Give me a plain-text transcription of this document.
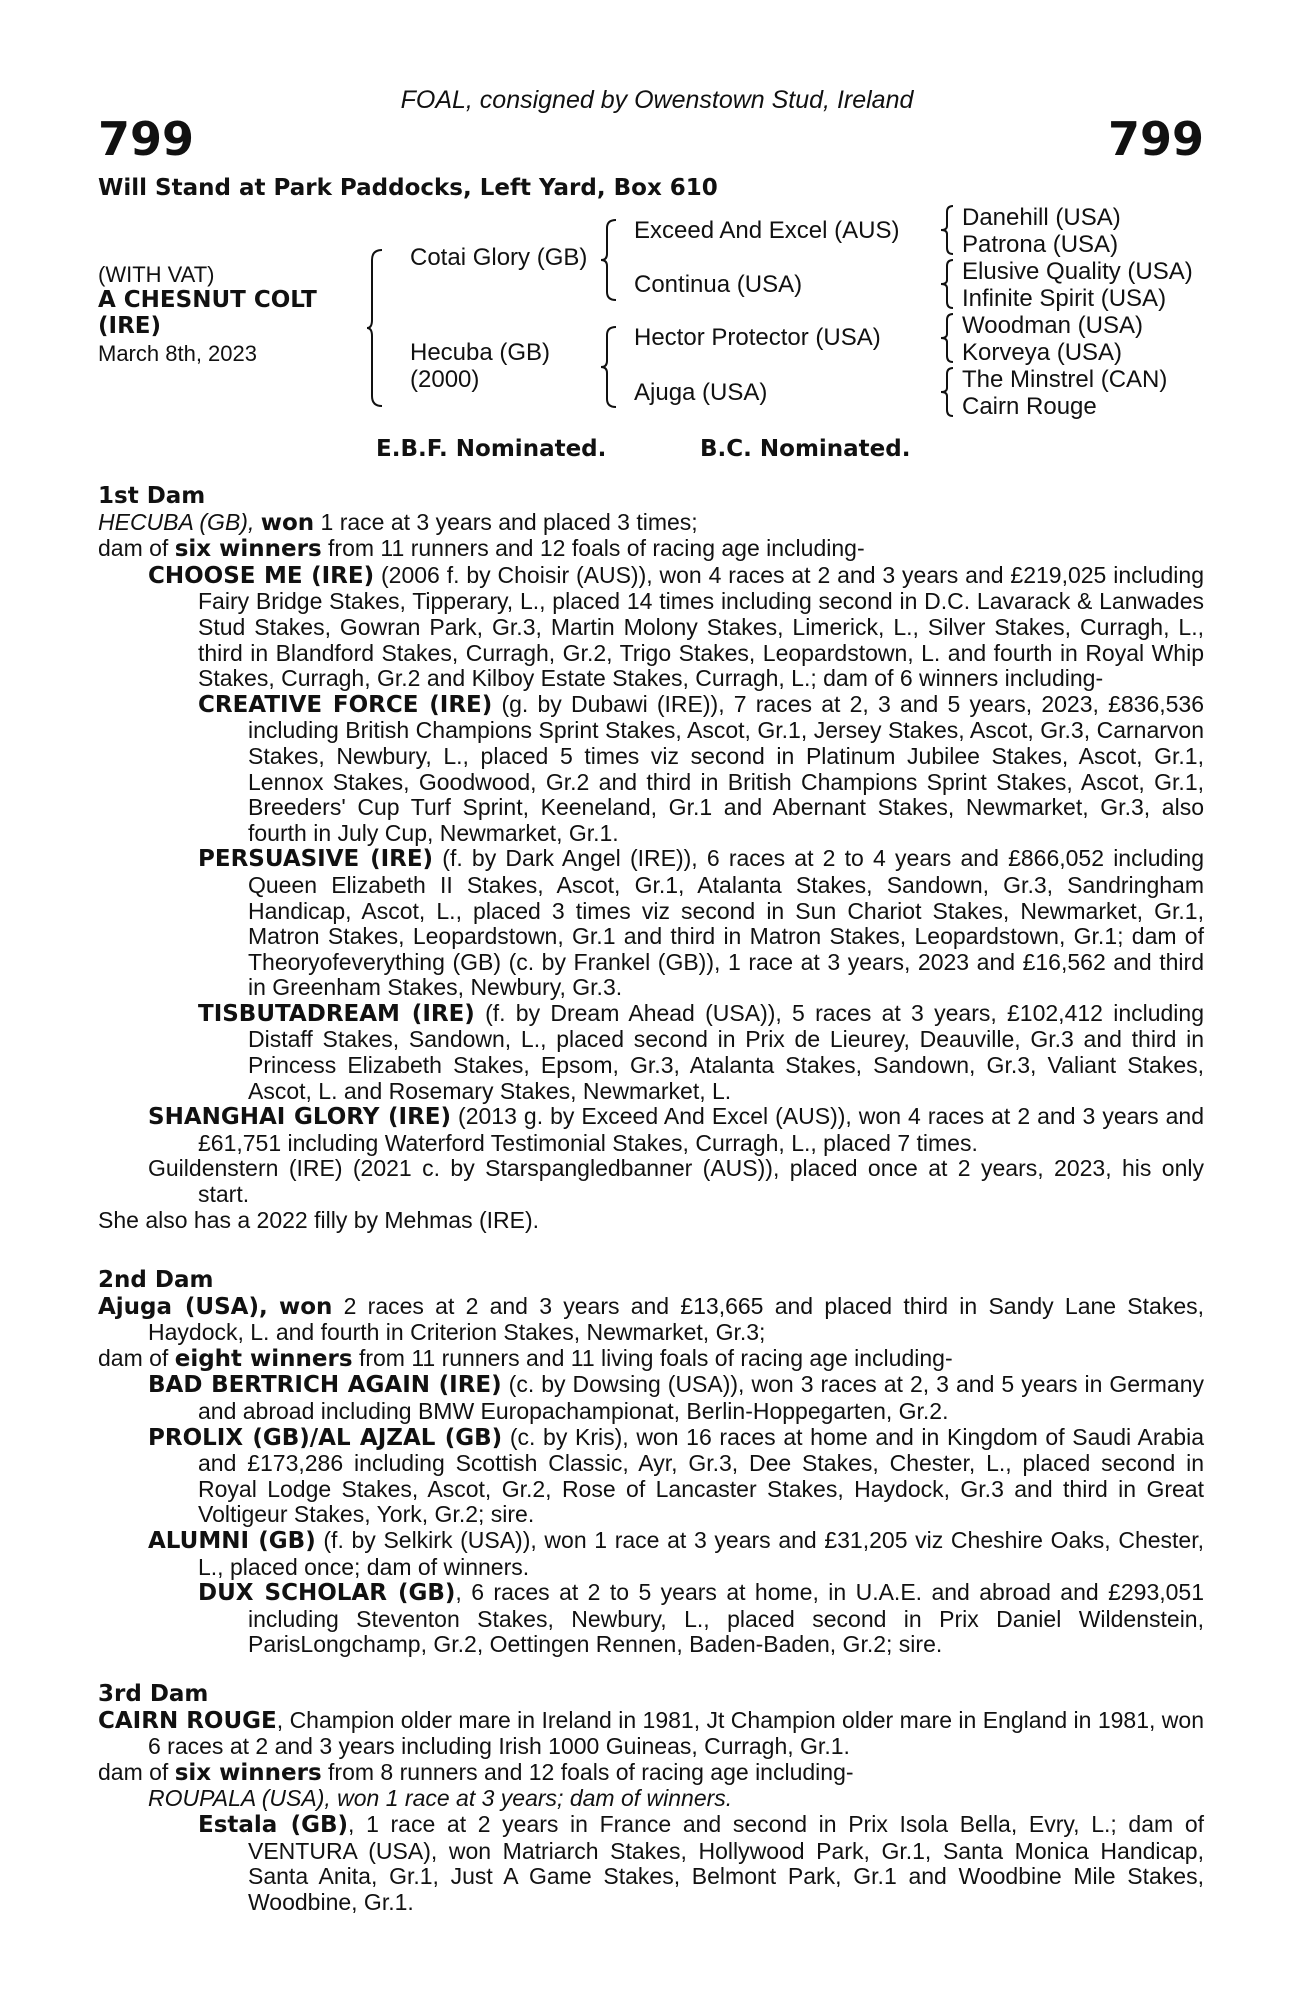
FOAL, consigned by Owenstown Stud, Ireland
799	799
Will Stand at Park Paddocks, Left Yard, Box 610
(WITH VAT)
A CHESNUT COLT
(IRE)
March 8th, 2023
Cotai Glory (GB)
Hecuba (GB)
(2000)
Exceed And Excel (AUS)
Continua (USA)
Hector Protector (USA)
Ajuga (USA)
Danehill (USA)
Patrona (USA)
Elusive Quality (USA)
Infinite Spirit (USA)
Woodman (USA)
Korveya (USA)
The Minstrel (CAN)
Cairn Rouge
E.B.F. Nominated.	B.C. Nominated.

1st Dam

HECUBA (GB), won 1 race at 3 years and placed 3 times;

dam of six winners from 11 runners and 12 foals of racing age including-

CHOOSE ME (IRE) (2006 f. by Choisir (AUS)), won 4 races at 2 and 3 years and £219,025 including Fairy Bridge Stakes, Tipperary, L., placed 14 times including second in D.C. Lavarack & Lanwades Stud Stakes, Gowran Park, Gr.3, Martin Molony Stakes, Limerick, L., Silver Stakes, Curragh, L., third in Blandford Stakes, Curragh, Gr.2, Trigo Stakes, Leopardstown, L. and fourth in Royal Whip Stakes, Curragh, Gr.2 and Kilboy Estate Stakes, Curragh, L.; dam of 6 winners including-

CREATIVE FORCE (IRE) (g. by Dubawi (IRE)), 7 races at 2, 3 and 5 years, 2023, £836,536 including British Champions Sprint Stakes, Ascot, Gr.1, Jersey Stakes, Ascot, Gr.3, Carnarvon Stakes, Newbury, L., placed 5 times viz second in Platinum Jubilee Stakes, Ascot, Gr.1, Lennox Stakes, Goodwood, Gr.2 and third in British Champions Sprint Stakes, Ascot, Gr.1, Breeders' Cup Turf Sprint, Keeneland, Gr.1 and Abernant Stakes, Newmarket, Gr.3, also fourth in July Cup, Newmarket, Gr.1.

PERSUASIVE (IRE) (f. by Dark Angel (IRE)), 6 races at 2 to 4 years and £866,052 including Queen Elizabeth II Stakes, Ascot, Gr.1, Atalanta Stakes, Sandown, Gr.3, Sandringham Handicap, Ascot, L., placed 3 times viz second in Sun Chariot Stakes, Newmarket, Gr.1, Matron Stakes, Leopardstown, Gr.1 and third in Matron Stakes, Leopardstown, Gr.1; dam of Theoryofeverything (GB) (c. by Frankel (GB)), 1 race at 3 years, 2023 and £16,562 and third in Greenham Stakes, Newbury, Gr.3.

TISBUTADREAM (IRE) (f. by Dream Ahead (USA)), 5 races at 3 years, £102,412 including Distaff Stakes, Sandown, L., placed second in Prix de Lieurey, Deauville, Gr.3 and third in Princess Elizabeth Stakes, Epsom, Gr.3, Atalanta Stakes, Sandown, Gr.3, Valiant Stakes, Ascot, L. and Rosemary Stakes, Newmarket, L.

SHANGHAI GLORY (IRE) (2013 g. by Exceed And Excel (AUS)), won 4 races at 2 and 3 years and £61,751 including Waterford Testimonial Stakes, Curragh, L., placed 7 times.

Guildenstern (IRE) (2021 c. by Starspangledbanner (AUS)), placed once at 2 years, 2023, his only start.

She also has a 2022 filly by Mehmas (IRE).

2nd Dam

Ajuga (USA), won 2 races at 2 and 3 years and £13,665 and placed third in Sandy Lane Stakes, Haydock, L. and fourth in Criterion Stakes, Newmarket, Gr.3;

dam of eight winners from 11 runners and 11 living foals of racing age including-

BAD BERTRICH AGAIN (IRE) (c. by Dowsing (USA)), won 3 races at 2, 3 and 5 years in Germany and abroad including BMW Europachampionat, Berlin-Hoppegarten, Gr.2.

PROLIX (GB)/AL AJZAL (GB) (c. by Kris), won 16 races at home and in Kingdom of Saudi Arabia and £173,286 including Scottish Classic, Ayr, Gr.3, Dee Stakes, Chester, L., placed second in Royal Lodge Stakes, Ascot, Gr.2, Rose of Lancaster Stakes, Haydock, Gr.3 and third in Great Voltigeur Stakes, York, Gr.2; sire.

ALUMNI (GB) (f. by Selkirk (USA)), won 1 race at 3 years and £31,205 viz Cheshire Oaks, Chester, L., placed once; dam of winners.

DUX SCHOLAR (GB), 6 races at 2 to 5 years at home, in U.A.E. and abroad and £293,051 including Steventon Stakes, Newbury, L., placed second in Prix Daniel Wildenstein, ParisLongchamp, Gr.2, Oettingen Rennen, Baden-Baden, Gr.2; sire.

3rd Dam

CAIRN ROUGE, Champion older mare in Ireland in 1981, Jt Champion older mare in England in 1981, won 6 races at 2 and 3 years including Irish 1000 Guineas, Curragh, Gr.1.

dam of six winners from 8 runners and 12 foals of racing age including-

ROUPALA (USA), won 1 race at 3 years; dam of winners.

Estala (GB), 1 race at 2 years in France and second in Prix Isola Bella, Evry, L.; dam of VENTURA (USA), won Matriarch Stakes, Hollywood Park, Gr.1, Santa Monica Handicap, Santa Anita, Gr.1, Just A Game Stakes, Belmont Park, Gr.1 and Woodbine Mile Stakes, Woodbine, Gr.1.
